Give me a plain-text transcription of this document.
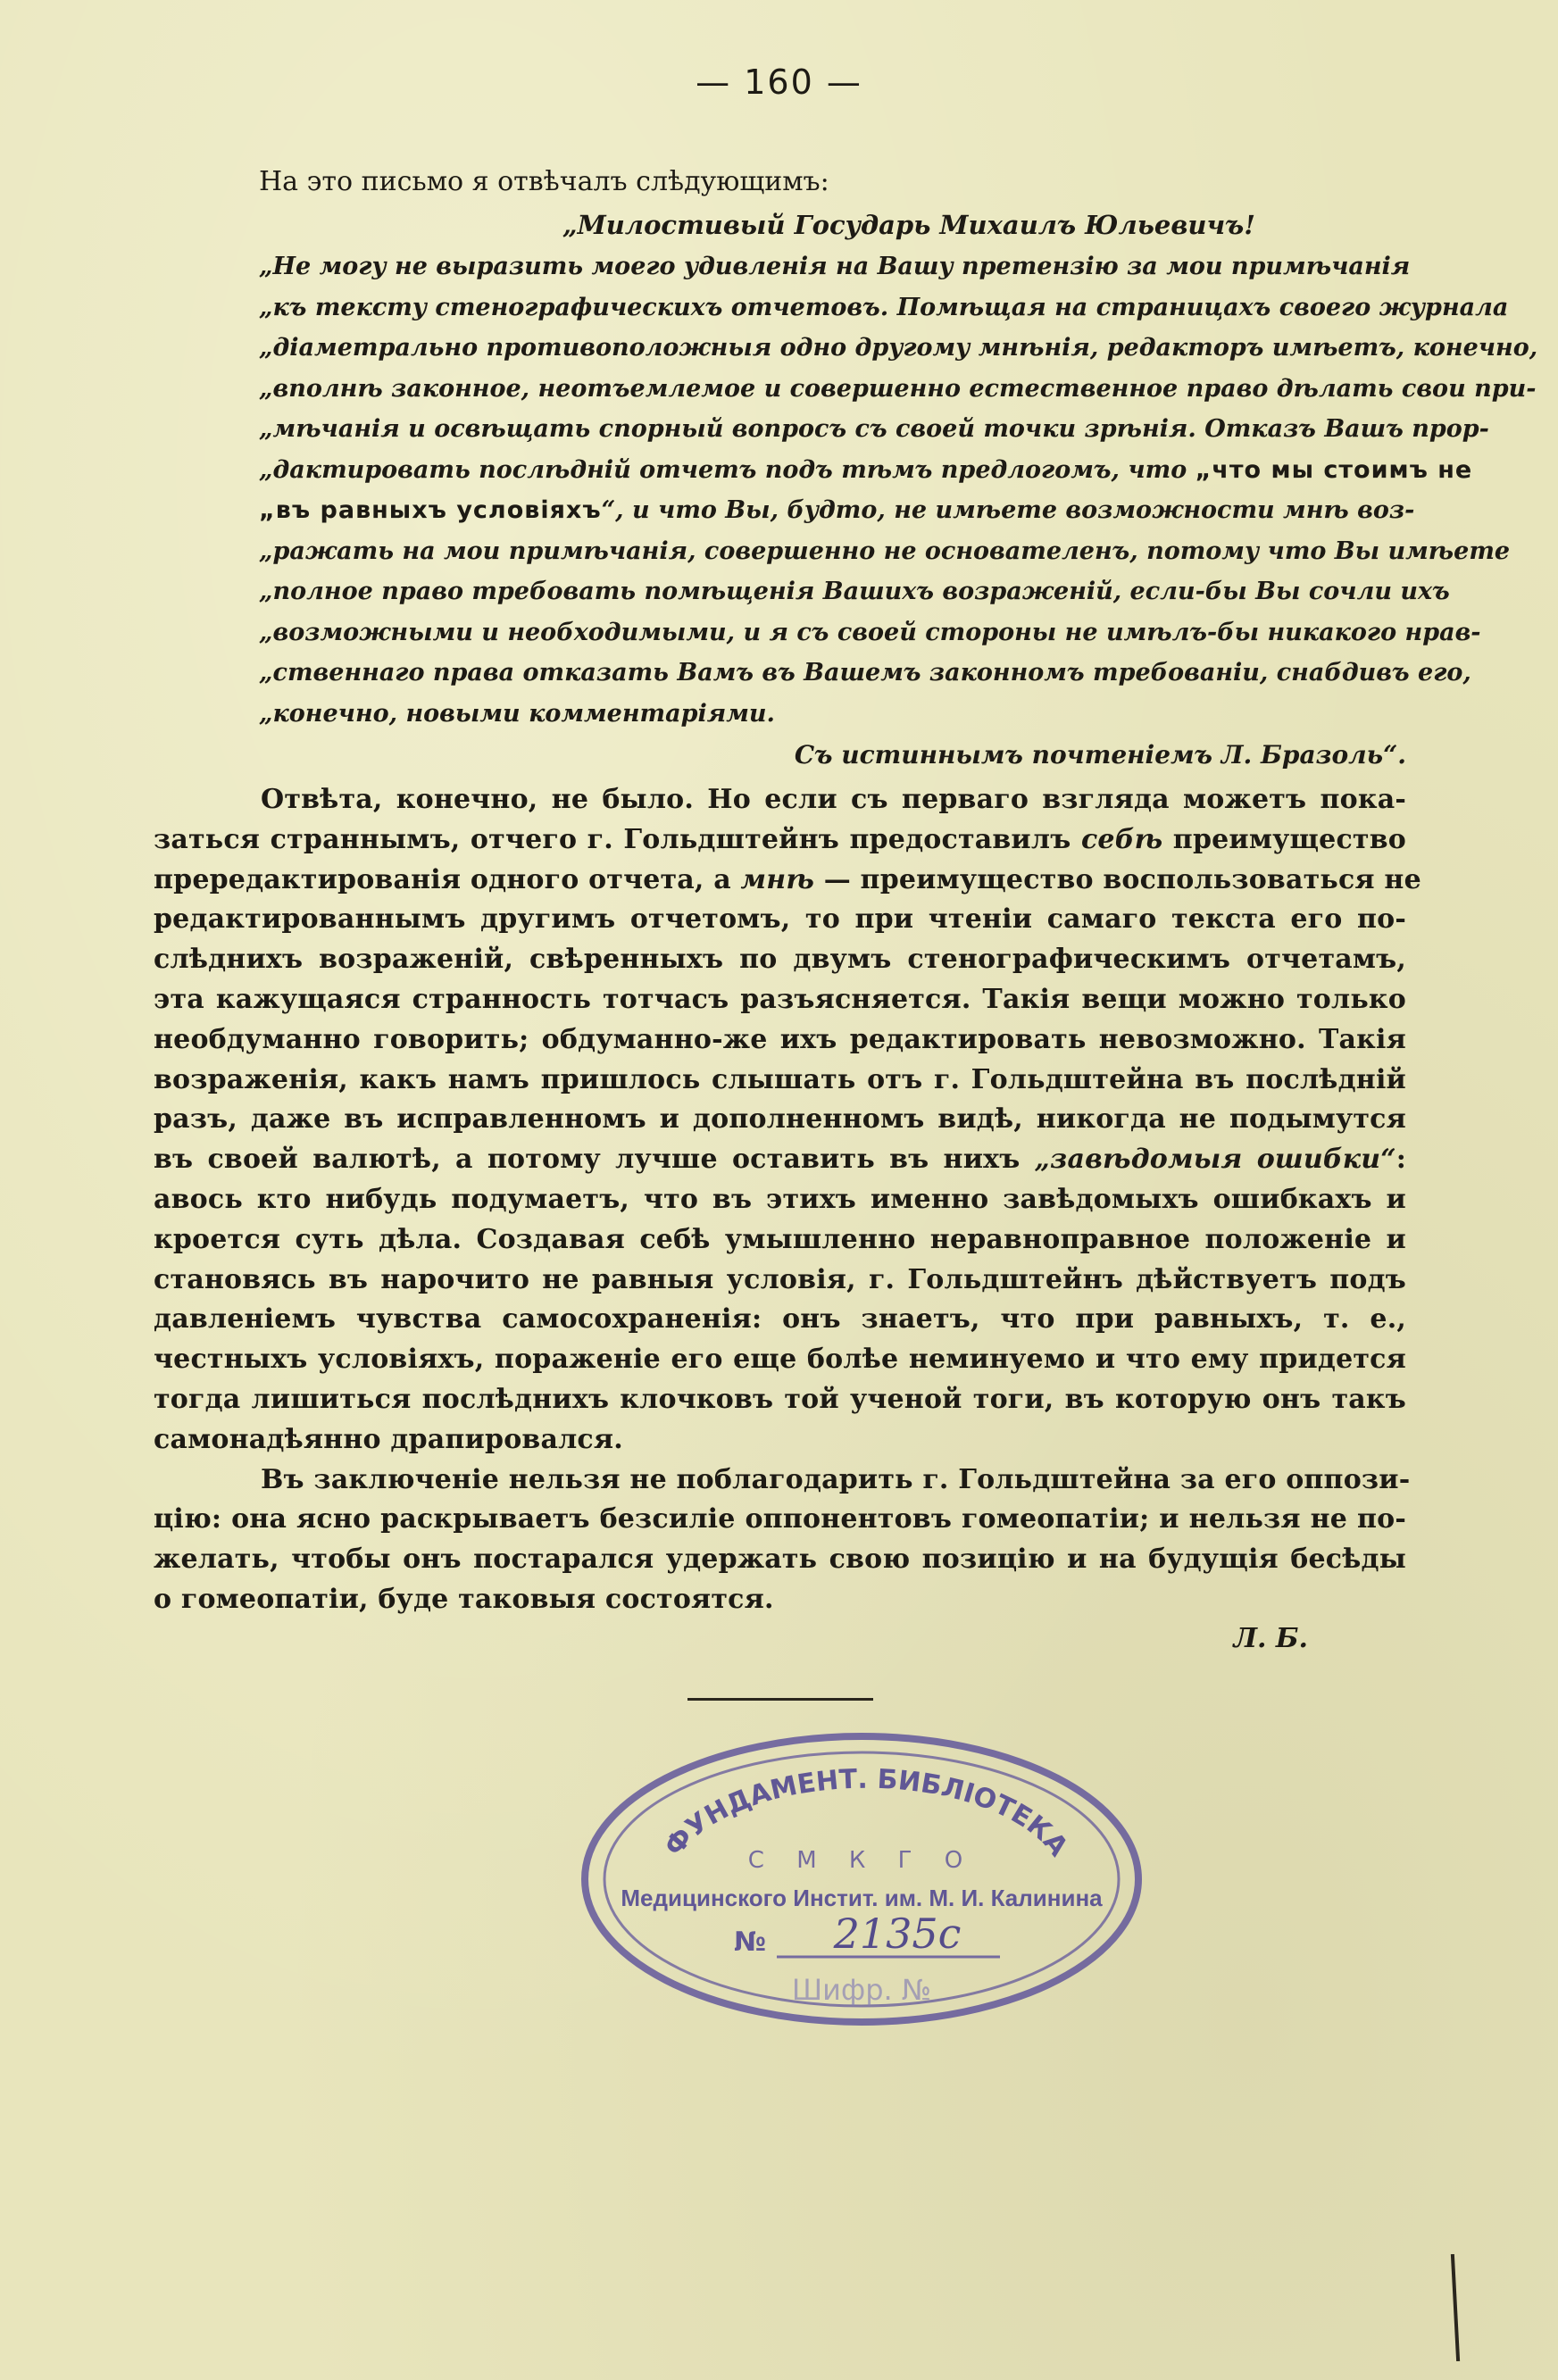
— 160 —

На это письмо я отвѣчалъ слѣдующимъ:

„Милостивый Государь Михаилъ Юльевичъ!

„Не могу не выразить моего удивленія на Вашу претензію за мои примѣчанія

„къ тексту стенографическихъ отчетовъ. Помѣщая на страницахъ своего журнала

„діаметрально противоположныя одно другому мнѣнія, редакторъ имѣетъ, конечно,

„вполнѣ законное, неотъемлемое и совершенно естественное право дѣлать свои при-

„мѣчанія и освѣщать спорный вопросъ съ своей точки зрѣнія. Отказъ Вашъ прор-

„дактировать послѣдній отчетъ подъ тѣмъ предлогомъ, что „что мы стоимъ не

„въ равныхъ условіяхъ“, и что Вы, будто, не имѣете возможности мнѣ воз-

„ражать на мои примѣчанія, совершенно не основателенъ, потому что Вы имѣете

„полное право требовать помѣщенія Вашихъ возраженій, если-бы Вы сочли ихъ

„возможными и необходимыми, и я съ своей стороны не имѣлъ-бы никакого нрав-

„ственнаго права отказать Вамъ въ Вашемъ законномъ требованіи, снабдивъ его,

„конечно, новыми комментаріями.

Съ истиннымъ почтеніемъ Л. Бразоль“.

Отвѣта, конечно, не было. Но если съ перваго взгляда можетъ пока-

заться страннымъ, отчего г. Гольдштейнъ предоставилъ себѣ преимущество

прередактированія одного отчета, а мнѣ — преимущество воспользоваться не

редактированнымъ другимъ отчетомъ, то при чтеніи самаго текста его по-

слѣднихъ возраженій, свѣренныхъ по двумъ стенографическимъ отчетамъ,

эта кажущаяся странность тотчасъ разъясняется. Такія вещи можно только

необдуманно говорить; обдуманно-же ихъ редактировать невозможно. Такія

возраженія, какъ намъ пришлось слышать отъ г. Гольдштейна въ послѣдній

разъ, даже въ исправленномъ и дополненномъ видѣ, никогда не подымутся

въ своей валютѣ, а потому лучше оставить въ нихъ „завѣдомыя ошибки“:

авось кто нибудь подумаетъ, что въ этихъ именно завѣдомыхъ ошибкахъ и

кроется суть дѣла. Создавая себѣ умышленно неравноправное положеніе и

становясь въ нарочито не равныя условія, г. Гольдштейнъ дѣйствуетъ подъ

давленіемъ чувства самосохраненія: онъ знаетъ, что при равныхъ, т. е.,

честныхъ условіяхъ, пораженіе его еще болѣе неминуемо и что ему придется

тогда лишиться послѣднихъ клочковъ той ученой тоги, въ которую онъ такъ

самонадѣянно драпировался.

Въ заключеніе нельзя не поблагодарить г. Гольдштейна за его оппози-

цію: она ясно раскрываетъ безсиліе оппонентовъ гомеопатіи; и нельзя не по-

желать, чтобы онъ постарался удержать свою позицію и на будущія бесѣды

о гомеопатіи, буде таковыя состоятся.

Л. Б.
ФУНДАМЕНТ. БИБЛІОТЕКА
С М К Г О
Медицинского Инстит. им. М. И. Калинина
№ 2135с
Шифр. №
